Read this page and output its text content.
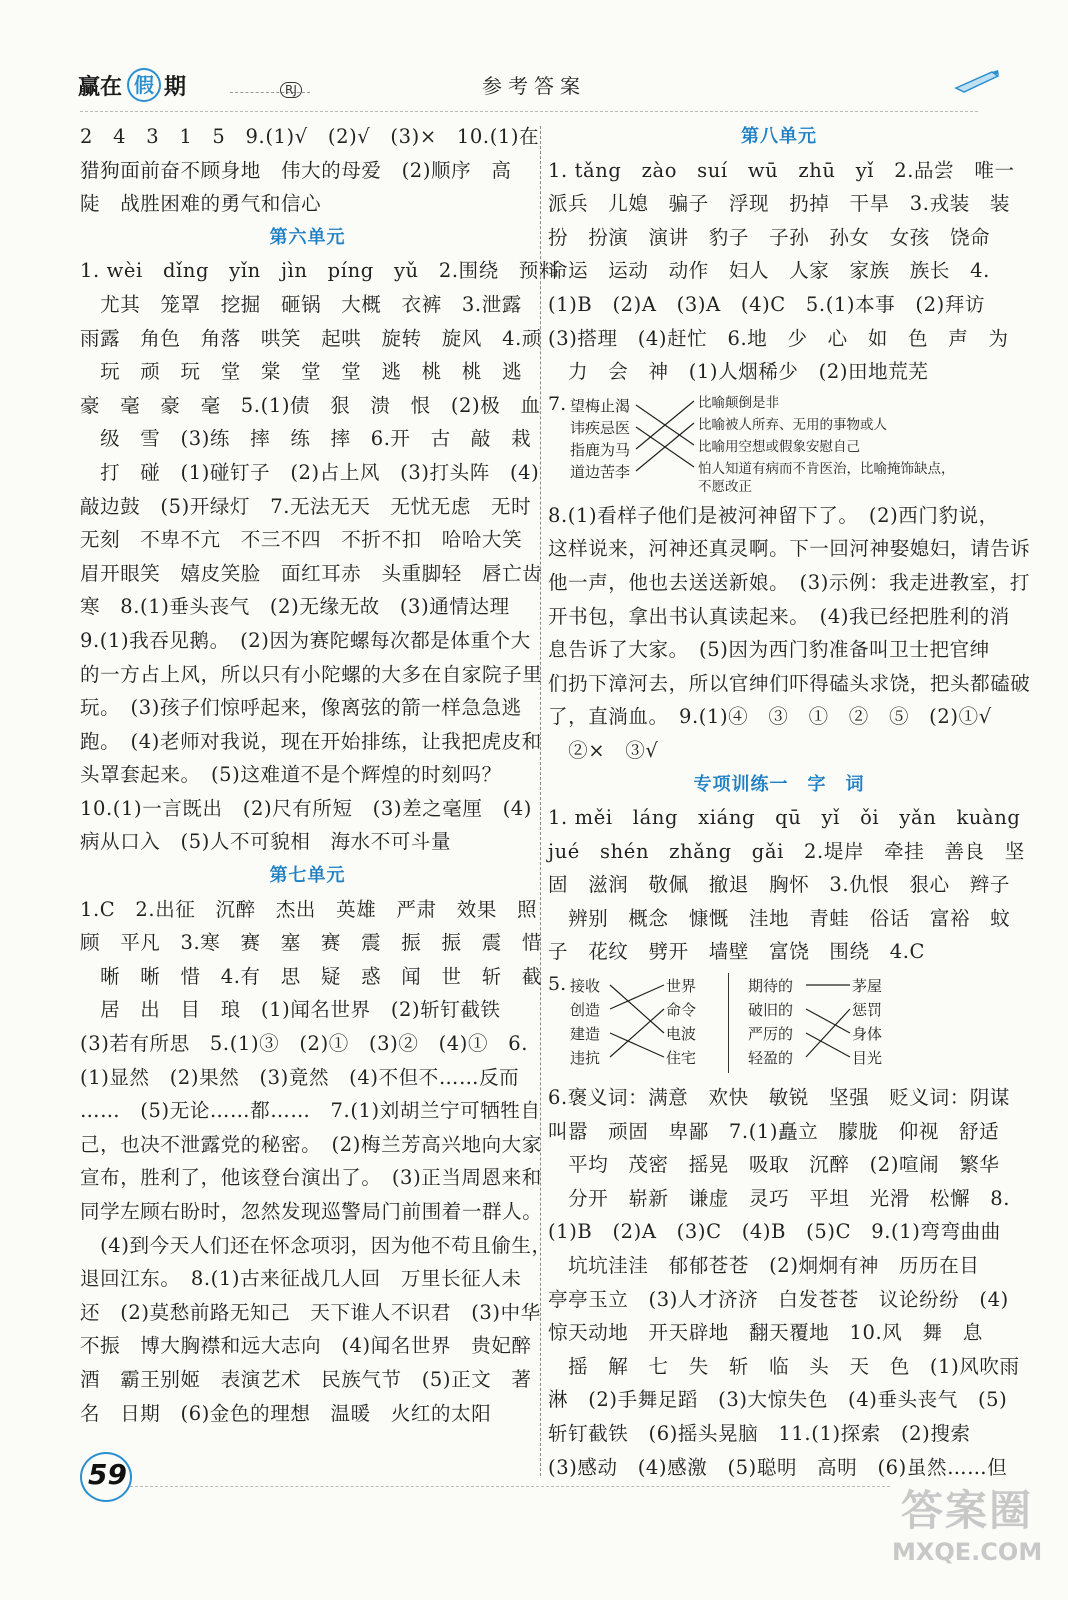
赢在 假 期	RJ	参考答案
2　4　3　1　5　9.(1)√　(2)√　(3)×　10.(1)在
猎狗面前奋不顾身地　伟大的母爱　(2)顺序　高
陡　战胜困难的勇气和信心
第六单元
1. wèi　dǐng　yǐn　jìn　píng　yǔ　2.围绕　预料
　尤其　笼罩　挖掘　砸锅　大概　衣裤　3.泄露
雨露　角色　角落　哄笑　起哄　旋转　旋风　4.顽
　玩　顽　玩　堂　棠　堂　堂　逃　桃　桃　逃
豪　毫　豪　毫　5.(1)债　狠　溃　恨　(2)极　血
　级　雪　(3)练　摔　练　摔　6.开　古　敲　栽
　打　碰　(1)碰钉子　(2)占上风　(3)打头阵　(4)
敲边鼓　(5)开绿灯　7.无法无天　无忧无虑　无时
无刻　不卑不亢　不三不四　不折不扣　哈哈大笑
眉开眼笑　嬉皮笑脸　面红耳赤　头重脚轻　唇亡齿
寒　8.(1)垂头丧气　(2)无缘无故　(3)通情达理
9.(1)我吞见鹅。　(2)因为赛陀螺每次都是体重个大
的一方占上风，所以只有小陀螺的大多在自家院子里
玩。　(3)孩子们惊呼起来，像离弦的箭一样急急逃
跑。　(4)老师对我说，现在开始排练，让我把虎皮和
头罩套起来。　(5)这难道不是个辉煌的时刻吗？
10.(1)一言既出　(2)尺有所短　(3)差之毫厘　(4)
病从口入　(5)人不可貌相　海水不可斗量
第七单元
1.C　2.出征　沉醉　杰出　英雄　严肃　效果　照
顾　平凡　3.寒　赛　塞　赛　震　振　振　震　惜
　晰　晰　惜　4.有　思　疑　惑　闻　世　斩　截
　居　出　目　琅　(1)闻名世界　(2)斩钉截铁
(3)若有所思　5.(1)③　(2)①　(3)②　(4)①　6.
(1)显然　(2)果然　(3)竟然　(4)不但不……反而
……　(5)无论……都……　7.(1)刘胡兰宁可牺牲自
己，也决不泄露党的秘密。　(2)梅兰芳高兴地向大家
宣布，胜利了，他该登台演出了。　(3)正当周恩来和
同学左顾右盼时，忽然发现巡警局门前围着一群人。
　(4)到今天人们还在怀念项羽，因为他不苟且偷生，
退回江东。　8.(1)古来征战几人回　万里长征人未
还　(2)莫愁前路无知己　天下谁人不识君　(3)中华
不振　博大胸襟和远大志向　(4)闻名世界　贵妃醉
酒　霸王别姬　表演艺术　民族气节　(5)正文　著
名　日期　(6)金色的理想　温暖　火红的太阳
第八单元
1. tǎng　zào　suí　wū　zhū　yǐ　2.品尝　唯一
派兵　儿媳　骗子　浮现　扔掉　干旱　3.戎装　装
扮　扮演　演讲　豹子　子孙　孙女　女孩　饶命
命运　运动　动作　妇人　人家　家族　族长　4.
(1)B　(2)A　(3)A　(4)C　5.(1)本事　(2)拜访
(3)搭理　(4)赶忙　6.地　少　心　如　色　声　为
　力　会　神　(1)人烟稀少　(2)田地荒芜
7. 望梅止渴
讳疾忌医
指鹿为马
道边苦李
比喻颠倒是非
比喻被人所弃、无用的事物或人
比喻用空想或假象安慰自己
怕人知道有病而不肯医治，比喻掩饰缺点，
不愿改正
8.(1)看样子他们是被河神留下了。　(2)西门豹说，
这样说来，河神还真灵啊。下一回河神娶媳妇，请告诉
他一声，他也去送送新娘。　(3)示例：我走进教室，打
开书包，拿出书认真读起来。　(4)我已经把胜利的消
息告诉了大家。　(5)因为西门豹准备叫卫士把官绅
们扔下漳河去，所以官绅们吓得磕头求饶，把头都磕破
了，直淌血。　9.(1)④　③　①　②　⑤　(2)①√
　②×　③√
专项训练一　字　词
1. měi　láng　xiáng　qū　yǐ　ǒi　yǎn　kuàng
jué　shén　zhǎng　gǎi　2.堤岸　牵挂　善良　坚
固　滋润　敬佩　撤退　胸怀　3.仇恨　狠心　辫子
　辨别　概念　慷慨　洼地　青蛙　俗话　富裕　蚊
子　花纹　劈开　墙壁　富饶　围绕　4.C
5. 接收
创造
建造
违抗
世界
命令
电波
住宅
期待的
破旧的
严厉的
轻盈的
茅屋
惩罚
身体
目光
6.褒义词：满意　欢快　敏锐　坚强　贬义词：阴谋
叫嚣　顽固　卑鄙　7.(1)矗立　朦胧　仰视　舒适
　平均　茂密　摇晃　吸取　沉醉　(2)喧闹　繁华
　分开　崭新　谦虚　灵巧　平坦　光滑　松懈　8.
(1)B　(2)A　(3)C　(4)B　(5)C　9.(1)弯弯曲曲
　坑坑洼洼　郁郁苍苍　(2)炯炯有神　历历在目
亭亭玉立　(3)人才济济　白发苍苍　议论纷纷　(4)
惊天动地　开天辟地　翻天覆地　10.风　舞　息
　摇　解　七　失　斩　临　头　天　色　(1)风吹雨
淋　(2)手舞足蹈　(3)大惊失色　(4)垂头丧气　(5)
斩钉截铁　(6)摇头晃脑　11.(1)探索　(2)搜索
(3)感动　(4)感激　(5)聪明　高明　(6)虽然……但
59
答案圈
MXQE.COM
